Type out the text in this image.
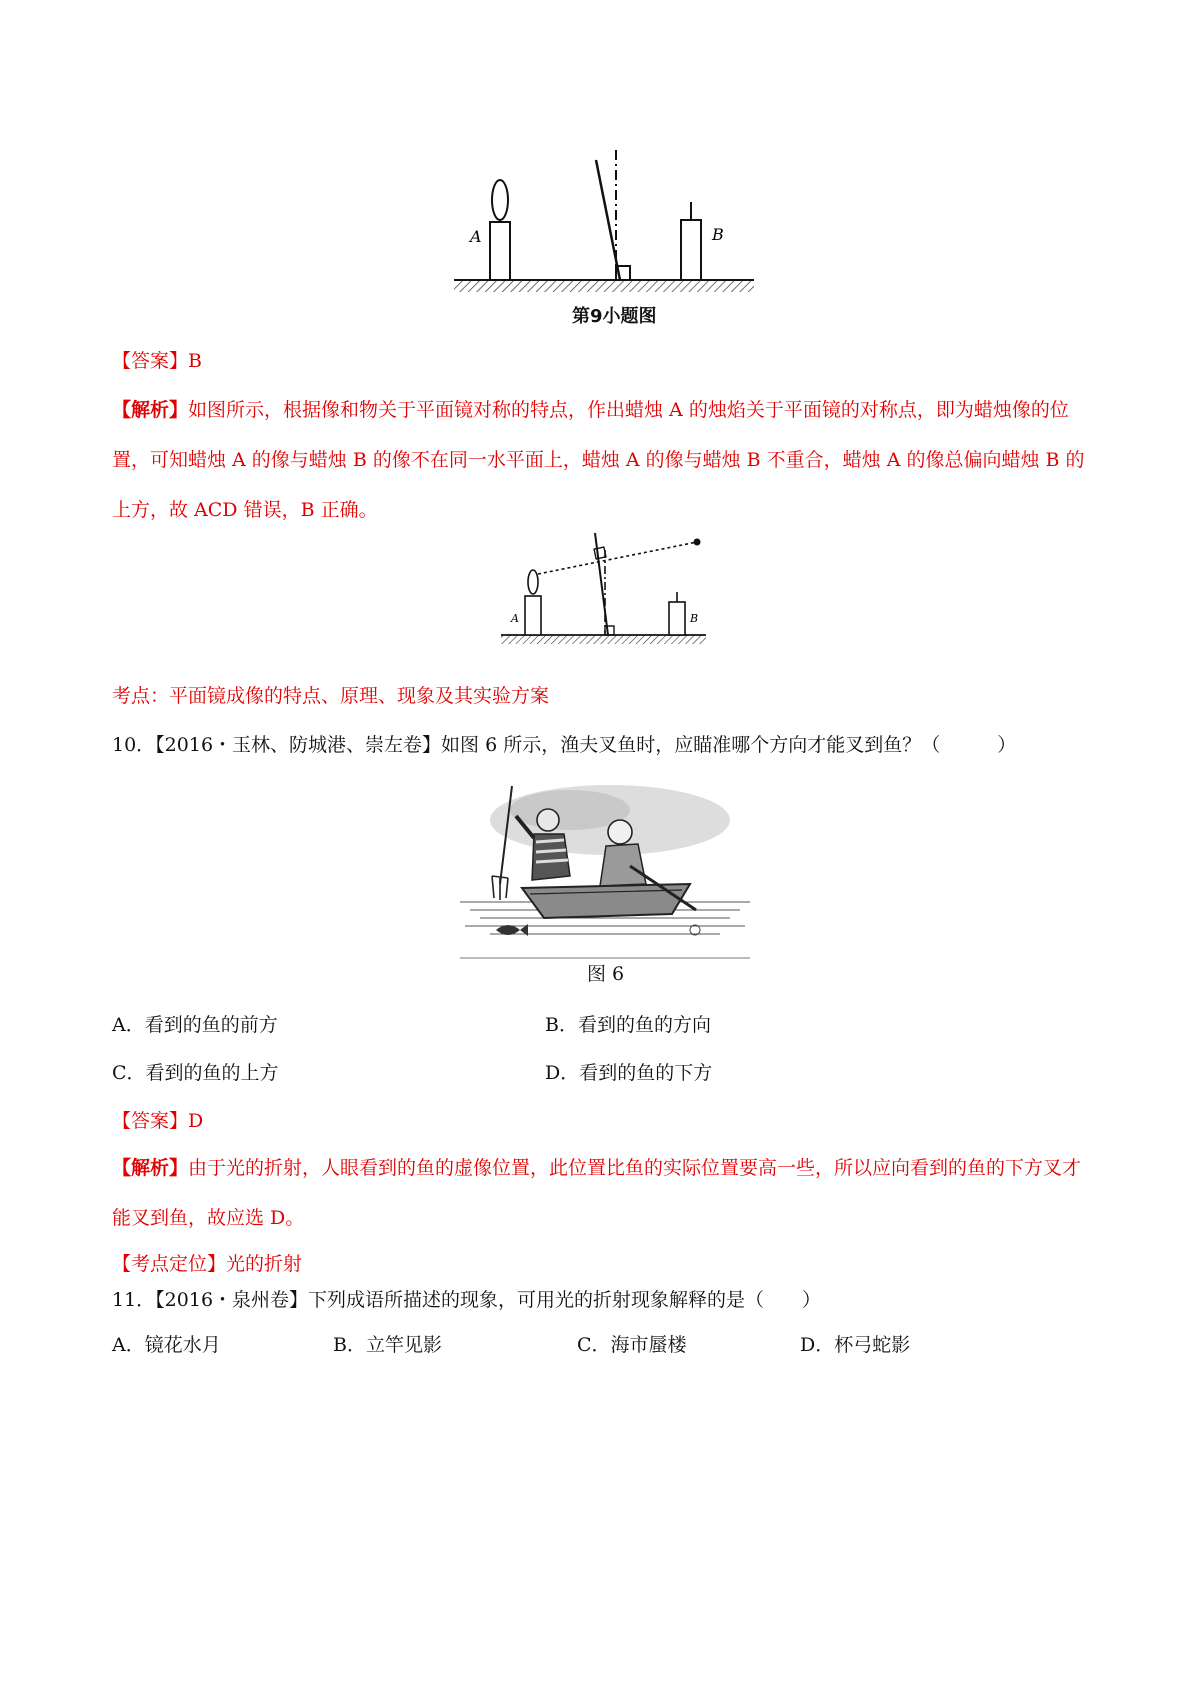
A	B
第9小题图
【答案】B
【解析】如图所示，根据像和物关于平面镜对称的特点，作出蜡烛 A 的烛焰关于平面镜的对称点，即为蜡烛像的位置，可知蜡烛 A 的像与蜡烛 B 的像不在同一水平面上，蜡烛 A 的像与蜡烛 B 不重合，蜡烛 A 的像总偏向蜡烛 B 的上方，故 ACD 错误，B 正确。
A	B
考点：平面镜成像的特点、原理、现象及其实验方案
10．【2016・玉林、防城港、崇左卷】如图 6 所示，渔夫叉鱼时，应瞄准哪个方向才能叉到鱼？（　　　）
图 6
A．看到的鱼的前方	B．看到的鱼的方向
C．看到的鱼的上方	D．看到的鱼的下方
【答案】D
【解析】由于光的折射，人眼看到的鱼的虚像位置，此位置比鱼的实际位置要高一些，所以应向看到的鱼的下方叉才能叉到鱼，故应选 D。
【考点定位】光的折射
11．【2016・泉州卷】下列成语所描述的现象，可用光的折射现象解释的是（　　）
A．镜花水月	B．立竿见影	C．海市蜃楼	D．杯弓蛇影
